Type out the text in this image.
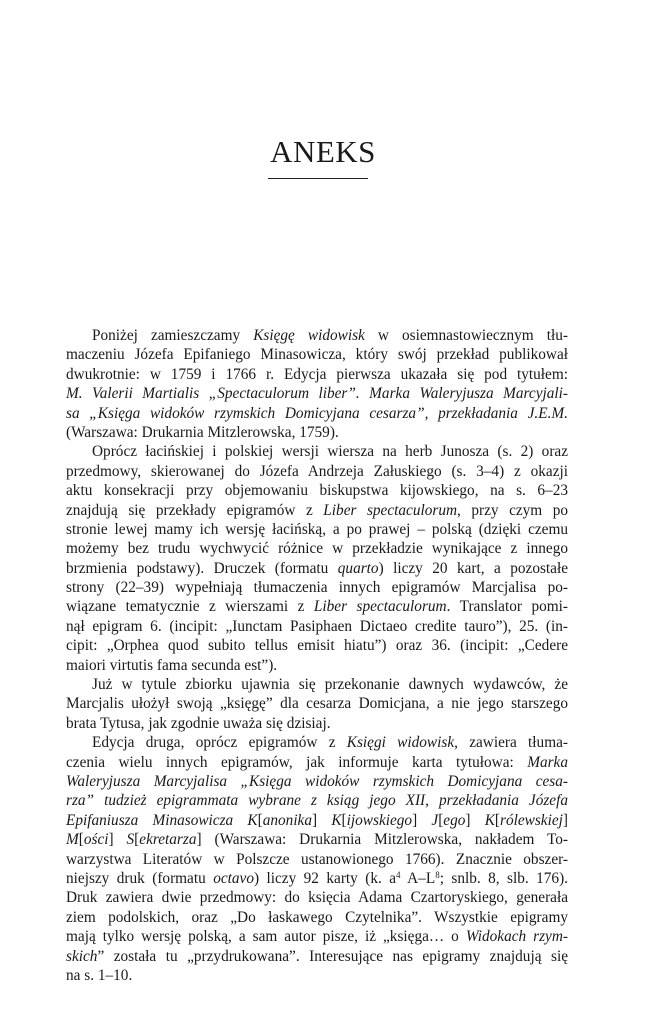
ANEKS
Poniżej zamieszczamy Księgę widowisk w osiemnastowiecznym tłu-
maczeniu Józefa Epifaniego Minasowicza, który swój przekład publikował
dwukrotnie: w 1759 i 1766 r. Edycja pierwsza ukazała się pod tytułem:
M. Valerii Martialis „Spectaculorum liber”. Marka Waleryjusza Marcyjali-
sa „Księga widoków rzymskich Domicyjana cesarza”, przekładania J.E.M.
(Warszawa: Drukarnia Mitzlerowska, 1759).
Oprócz łacińskiej i polskiej wersji wiersza na herb Junosza (s. 2) oraz
przedmowy, skierowanej do Józefa Andrzeja Załuskiego (s. 3–4) z okazji
aktu konsekracji przy objemowaniu biskupstwa kijowskiego, na s. 6–23
znajdują się przekłady epigramów z Liber spectaculorum, przy czym po
stronie lewej mamy ich wersję łacińską, a po prawej – polską (dzięki czemu
możemy bez trudu wychwycić różnice w przekładzie wynikające z innego
brzmienia podstawy). Druczek (formatu quarto) liczy 20 kart, a pozostałe
strony (22–39) wypełniają tłumaczenia innych epigramów Marcjalisa po-
wiązane tematycznie z wierszami z Liber spectaculorum. Translator pomi-
nął epigram 6. (incipit: „Iunctam Pasiphaen Dictaeo credite tauro”), 25. (in-
cipit: „Orphea quod subito tellus emisit hiatu”) oraz 36. (incipit: „Cedere
maiori virtutis fama secunda est”).
Już w tytule zbiorku ujawnia się przekonanie dawnych wydawców, że
Marcjalis ułożył swoją „księgę” dla cesarza Domicjana, a nie jego starszego
brata Tytusa, jak zgodnie uważa się dzisiaj.
Edycja druga, oprócz epigramów z Księgi widowisk, zawiera tłuma-
czenia wielu innych epigramów, jak informuje karta tytułowa: Marka
Waleryjusza Marcyjalisa „Księga widoków rzymskich Domicyjana cesa-
rza” tudzież epigrammata wybrane z ksiąg jego XII, przekładania Józefa
Epifaniusza Minasowicza K[anonika] K[ijowskiego] J[ego] K[rólewskiej]
M[ości] S[ekretarza] (Warszawa: Drukarnia Mitzlerowska, nakładem To-
warzystwa Literatów w Polszcze ustanowionego 1766). Znacznie obszer-
niejszy druk (formatu octavo) liczy 92 karty (k. $a^4$ $A-L^8$; snlb. 8, slb. 176).
Druk zawiera dwie przedmowy: do księcia Adama Czartoryskiego, generała
ziem podolskich, oraz „Do łaskawego Czytelnika”. Wszystkie epigramy
mają tylko wersję polską, a sam autor pisze, iż „księga… o Widokach rzym-
skich” została tu „przydrukowana”. Interesujące nas epigramy znajdują się
na s. 1–10.
